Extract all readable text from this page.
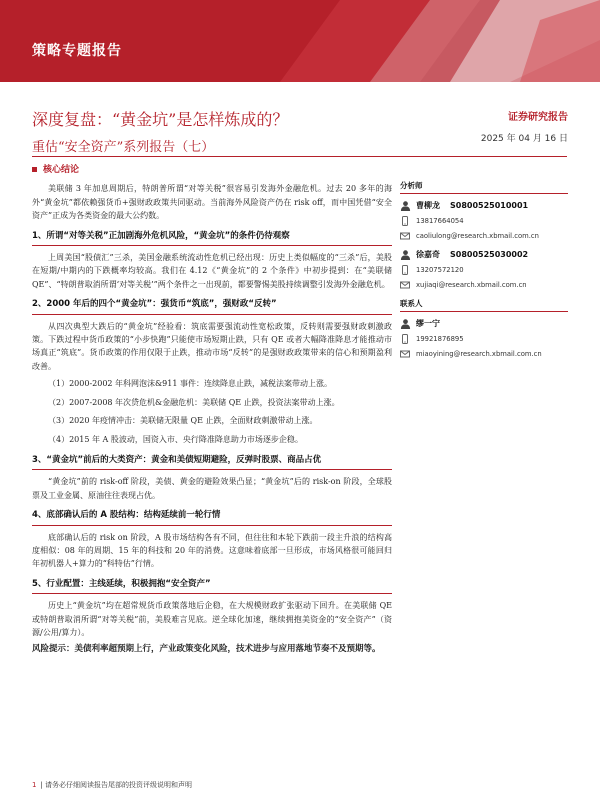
策略专题报告
深度复盘：“黄金坑”是怎样炼成的？
重估“安全资产”系列报告（七）
证券研究报告
2025 年 04 月 16 日
核心结论

美联储 3 年加息周期后，特朗普所谓“对等关税”很容易引发海外金融危机。过去 20 多年的海外“黄金坑”都依赖强货币+强财政政策共同驱动。当前海外风险资产仍在 risk off，而中国凭借“安全资产”正成为各类资金的最大公约数。

1、所谓“对等关税”正加剧海外危机风险，“黄金坑”的条件仍待观察

上周美国“股债汇”三杀，美国金融系统流动性危机已经出现：历史上类似幅度的“三杀”后，美股在短期/中期内的下跌概率均较高。我们在 4.12《“黄金坑”的 2 个条件》中初步提到：在“美联储 QE”、“特朗普取消所谓‘对等关税’”两个条件之一出现前，都要警惕美股持续调整引发海外金融危机。

2、2000 年后的四个“黄金坑”：强货币“筑底”，强财政“反转”

从四次典型大跌后的“黄金坑”经验看：筑底需要强流动性宽松政策，反转则需要强财政刺激政策。下跌过程中货币政策的“小步快跑”只能使市场短期止跌，只有 QE 或者大幅降准降息才能推动市场真正“筑底”。货币政策的作用仅限于止跌，推动市场“反转”的是强财政政策带来的信心和预期盈利改善。

（1）2000-2002 年科网泡沫&911 事件：连续降息止跌，减税法案带动上涨。
（2）2007-2008 年次贷危机&金融危机：美联储 QE 止跌，投资法案带动上涨。
（3）2020 年疫情冲击：美联储无限量 QE 止跌，全面财政刺激带动上涨。
（4）2015 年 A 股波动，国资入市、央行降准降息助力市场逐步企稳。
3、“黄金坑”前后的大类资产：黄金和美债短期避险，反弹时股票、商品占优

“黄金坑”前的 risk-off 阶段，美债、黄金的避险效果凸显；“黄金坑”后的 risk-on 阶段，全球股票及工业金属、原油往往表现占优。

4、底部确认后的 A 股结构：结构延续前一轮行情

底部确认后的 risk on 阶段，A 股市场结构各有不同，但往往和本轮下跌前一段主升浪的结构高度相似：08 年的周期、15 年的科技和 20 年的消费。这意味着底部一旦形成，市场风格很可能回归年初机器人+算力的“科特估”行情。

5、行业配置：主线延续，积极拥抱“安全资产”

历史上“黄金坑”均在超常规货币政策落地后企稳，在大规模财政扩张驱动下回升。在美联储 QE 或特朗普取消所谓“对等关税”前，美股难言见底。逆全球化加速，继续拥抱美资金的“安全资产”（资源/公用/算力）。

风险提示：美债利率超预期上行，产业政策变化风险，技术进步与应用落地节奏不及预期等。
分析师
曹柳龙 S0800525010001
13817664054
caoliulong@research.xbmail.com.cn
徐嘉奇 S0800525030002
13207572120
xujiaqi@research.xbmail.com.cn
联系人
缪一宁
19921876895
miaoyining@research.xbmail.com.cn
1 | 请务必仔细阅读报告尾部的投资评级说明和声明
